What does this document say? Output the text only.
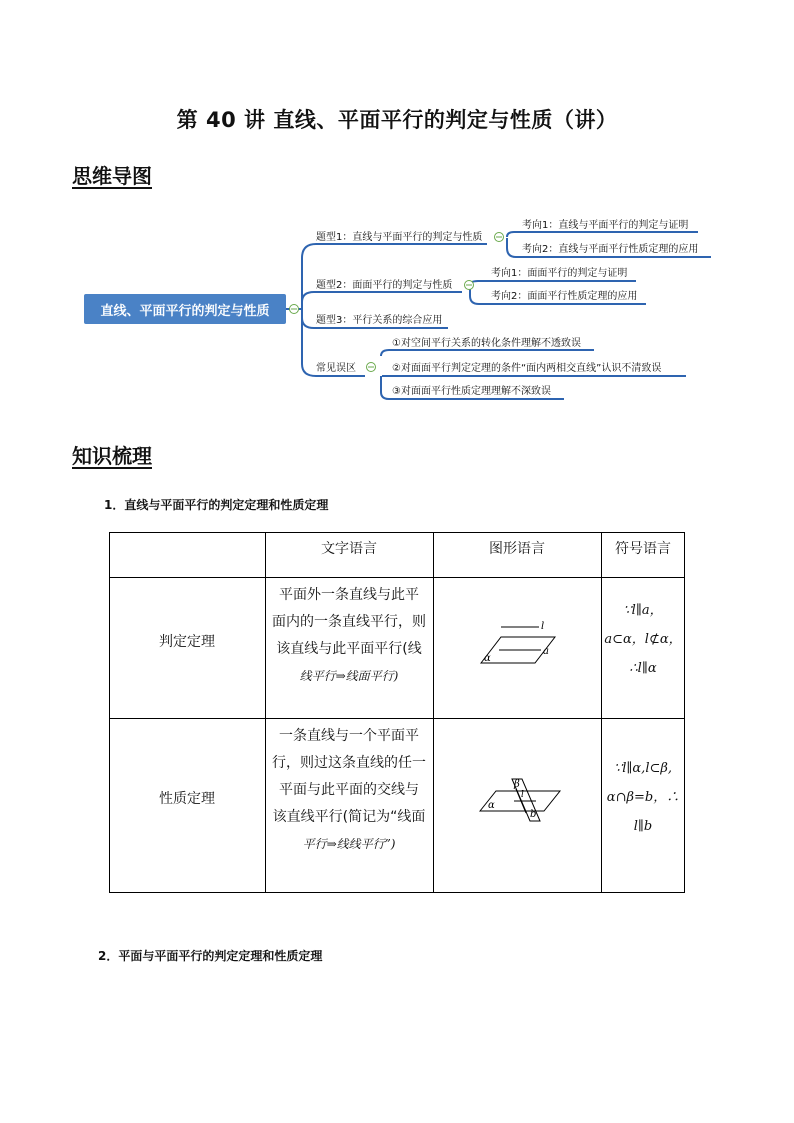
第 40 讲 直线、平面平行的判定与性质（讲）
思维导图
直线、平面平行的判定与性质
题型1：直线与平面平行的判定与性质
考向1：直线与平面平行的判定与证明
考向2：直线与平面平行性质定理的应用
题型2：面面平行的判定与性质
考向1：面面平行的判定与证明
考向2：面面平行性质定理的应用
题型3：平行关系的综合应用
常见误区
①对空间平行关系的转化条件理解不透致误
②对面面平行判定定理的条件“面内两相交直线”认识不清致误
③对面面平行性质定理理解不深致误
知识梳理
1．直线与平面平行的判定定理和性质定理
文字语言	图形语言	符号语言
判定定理
平面外一条直线与此平
面内的一条直线平行，则
该直线与此平面平行(线
线平行⇒线面平行)
l
a
α
∵l∥a，
a⊂α，l⊄α，
∴l∥α
性质定理
一条直线与一个平面平
行，则过这条直线的任一
平面与此平面的交线与
该直线平行(简记为“线面
平行⇒线线平行”)
β
l
α
b
∵l∥α,l⊂β,
α∩β=b，∴
l∥b
2．平面与平面平行的判定定理和性质定理
